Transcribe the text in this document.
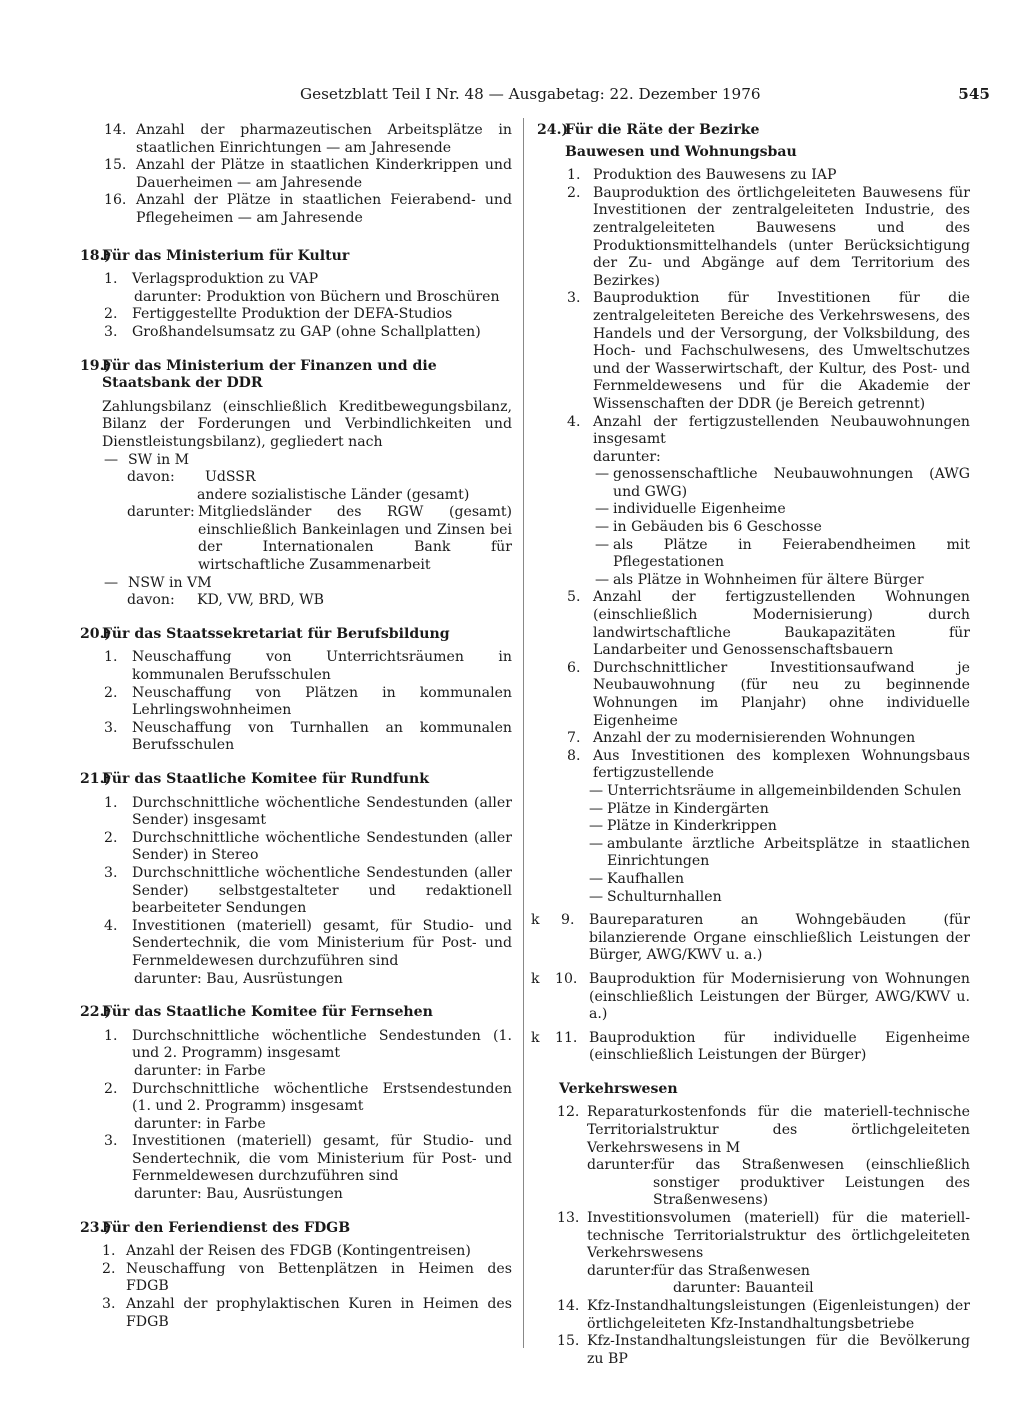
Gesetzblatt Teil I Nr. 48 — Ausgabetag: 22. Dezember 1976	545
14. Anzahl der pharmazeutischen Arbeitsplätze in staatlichen Einrichtungen — am Jahresende
15. Anzahl der Plätze in staatlichen Kinderkrippen und Dauerheimen — am Jahresende
16. Anzahl der Plätze in staatlichen Feierabend- und Pflegeheimen — am Jahresende
18.)
Für das Ministerium für Kultur
1. Verlagsproduktion zu VAP
darunter: Produktion von Büchern und Broschüren
2. Fertiggestellte Produktion der DEFA-Studios
3. Großhandelsumsatz zu GAP (ohne Schallplatten)
19.)
Für das Ministerium der Finanzen und die Staatsbank der DDR
Zahlungsbilanz (einschließlich Kreditbewegungsbilanz, Bilanz der Forderungen und Verbindlichkeiten und Dienstleistungsbilanz), gegliedert nach
— SW in M
davon: UdSSR
andere sozialistische Länder (gesamt)
darunter: Mitgliedsländer des RGW (gesamt) einschließlich Bankeinlagen und Zinsen bei der Internationalen Bank für wirtschaftliche Zusammenarbeit
— NSW in VM
davon: KD, VW, BRD, WB
20.)
Für das Staatssekretariat für Berufsbildung
1. Neuschaffung von Unterrichtsräumen in kommunalen Berufsschulen
2. Neuschaffung von Plätzen in kommunalen Lehrlingswohnheimen
3. Neuschaffung von Turnhallen an kommunalen Berufsschulen
21.)
Für das Staatliche Komitee für Rundfunk
1. Durchschnittliche wöchentliche Sendestunden (aller Sender) insgesamt
2. Durchschnittliche wöchentliche Sendestunden (aller Sender) in Stereo
3. Durchschnittliche wöchentliche Sendestunden (aller Sender) selbstgestalteter und redaktionell bearbeiteter Sendungen
4. Investitionen (materiell) gesamt, für Studio- und Sendertechnik, die vom Ministerium für Post- und Fernmeldewesen durchzuführen sind
darunter: Bau, Ausrüstungen
22.)
Für das Staatliche Komitee für Fernsehen
1. Durchschnittliche wöchentliche Sendestunden (1. und 2. Programm) insgesamt
darunter: in Farbe
2. Durchschnittliche wöchentliche Erstsendestunden (1. und 2. Programm) insgesamt
darunter: in Farbe
3. Investitionen (materiell) gesamt, für Studio- und Sendertechnik, die vom Ministerium für Post- und Fernmeldewesen durchzuführen sind
darunter: Bau, Ausrüstungen
23.)
Für den Feriendienst des FDGB
1. Anzahl der Reisen des FDGB (Kontingentreisen)
2. Neuschaffung von Bettenplätzen in Heimen des FDGB
3. Anzahl der prophylaktischen Kuren in Heimen des FDGB
24.)
Für die Räte der Bezirke
Bauwesen und Wohnungsbau
1. Produktion des Bauwesens zu IAP
2. Bauproduktion des örtlichgeleiteten Bauwesens für Investitionen der zentralgeleiteten Industrie, des zentralgeleiteten Bauwesens und des Produktionsmittelhandels (unter Berücksichtigung der Zu- und Abgänge auf dem Territorium des Bezirkes)
3. Bauproduktion für Investitionen für die zentralgeleiteten Bereiche des Verkehrswesens, des Handels und der Versorgung, der Volksbildung, des Hoch- und Fachschulwesens, des Umweltschutzes und der Wasserwirtschaft, der Kultur, des Post- und Fernmeldewesens und für die Akademie der Wissenschaften der DDR (je Bereich getrennt)
4. Anzahl der fertigzustellenden Neubauwohnungen insgesamt
darunter:
— genossenschaftliche Neubauwohnungen (AWG und GWG)
— individuelle Eigenheime
— in Gebäuden bis 6 Geschosse
— als Plätze in Feierabendheimen mit Pflegestationen
— als Plätze in Wohnheimen für ältere Bürger
5. Anzahl der fertigzustellenden Wohnungen (einschließlich Modernisierung) durch landwirtschaftliche Baukapazitäten für Landarbeiter und Genossenschaftsbauern
6. Durchschnittlicher Investitionsaufwand je Neubauwohnung (für neu zu beginnende Wohnungen im Planjahr) ohne individuelle Eigenheime
7. Anzahl der zu modernisierenden Wohnungen
8. Aus Investitionen des komplexen Wohnungsbaus fertigzustellende
— Unterrichtsräume in allgemeinbildenden Schulen
— Plätze in Kindergärten
— Plätze in Kinderkrippen
— ambulante ärztliche Arbeitsplätze in staatlichen Einrichtungen
— Kaufhallen
— Schulturnhallen
k 9. Baureparaturen an Wohngebäuden (für bilanzierende Organe einschließlich Leistungen der Bürger, AWG/KWV u. a.)
k 10. Bauproduktion für Modernisierung von Wohnungen (einschließlich Leistungen der Bürger, AWG/KWV u. a.)
k 11. Bauproduktion für individuelle Eigenheime (einschließlich Leistungen der Bürger)
Verkehrswesen
12. Reparaturkostenfonds für die materiell-technische Territorialstruktur des örtlichgeleiteten Verkehrswesens in M
darunter:
für das Straßenwesen (einschließlich sonstiger produktiver Leistungen des Straßenwesens)
13. Investitionsvolumen (materiell) für die materiell-technische Territorialstruktur des örtlichgeleiteten Verkehrswesens
darunter:
für das Straßenwesen
darunter: Bauanteil
14. Kfz-Instandhaltungsleistungen (Eigenleistungen) der örtlichgeleiteten Kfz-Instandhaltungsbetriebe
15. Kfz-Instandhaltungsleistungen für die Bevölkerung zu BP
